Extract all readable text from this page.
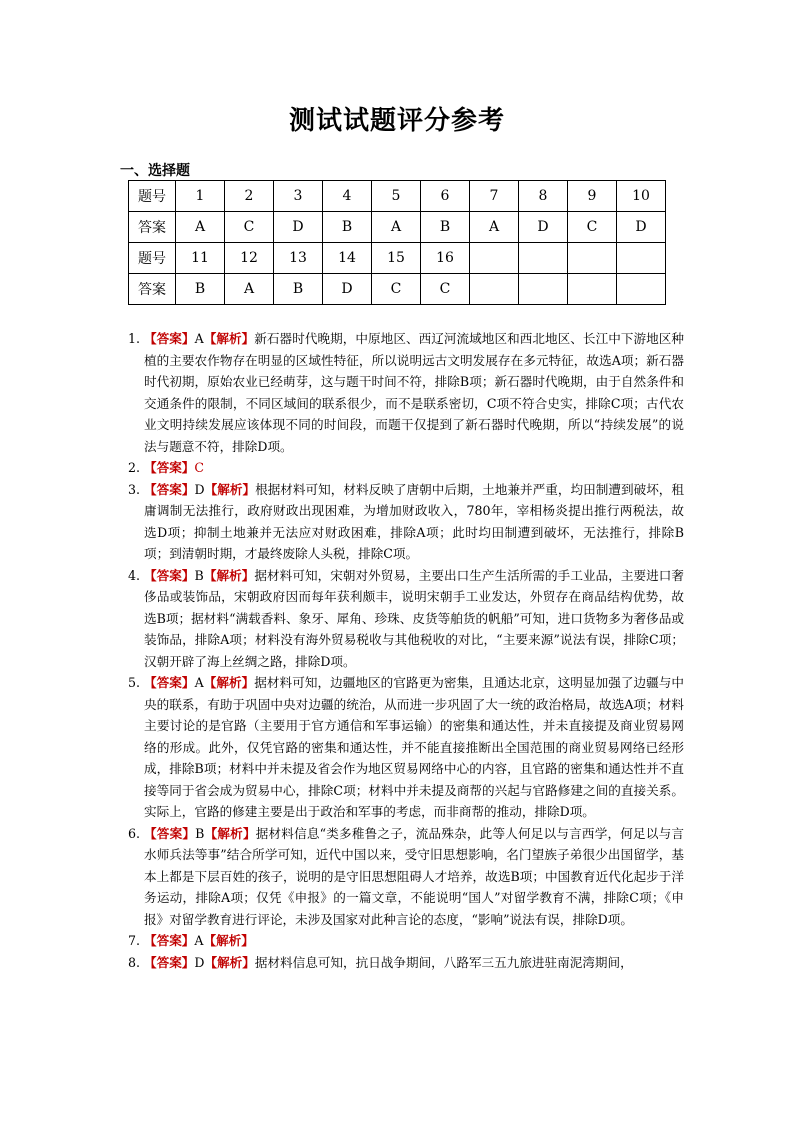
测试试题评分参考
一、选择题
题号	1	2	3	4	5	6	7	8	9	10
答案	A	C	D	B	A	B	A	D	C	D
题号	11	12	13	14	15	16				
答案	B	A	B	D	C	C				
1. 【答案】A【解析】新石器时代晚期，中原地区、西辽河流域地区和西北地区、长江中下游地区种植的主要农作物存在明显的区域性特征，所以说明远古文明发展存在多元特征，故选A项；新石器时代初期，原始农业已经萌芽，这与题干时间不符，排除B项；新石器时代晚期，由于自然条件和交通条件的限制，不同区域间的联系很少，而不是联系密切，C项不符合史实，排除C项；古代农业文明持续发展应该体现不同的时间段，而题干仅提到了新石器时代晚期，所以“持续发展”的说法与题意不符，排除D项。
2. 【答案】C
3. 【答案】D【解析】根据材料可知，材料反映了唐朝中后期，土地兼并严重，均田制遭到破坏，租庸调制无法推行，政府财政出现困难，为增加财政收入，780年，宰相杨炎提出推行两税法，故选D项；抑制土地兼并无法应对财政困难，排除A项；此时均田制遭到破坏，无法推行，排除B项；到清朝时期，才最终废除人头税，排除C项。
4. 【答案】B【解析】据材料可知，宋朝对外贸易，主要出口生产生活所需的手工业品，主要进口奢侈品或装饰品，宋朝政府因而每年获利颇丰，说明宋朝手工业发达，外贸存在商品结构优势，故选B项；据材料“满载香料、象牙、犀角、珍珠、皮货等舶货的帆船”可知，进口货物多为奢侈品或装饰品，排除A项；材料没有海外贸易税收与其他税收的对比，“主要来源”说法有误，排除C项；汉朝开辟了海上丝绸之路，排除D项。
5. 【答案】A【解析】据材料可知，边疆地区的官路更为密集，且通达北京，这明显加强了边疆与中央的联系，有助于巩固中央对边疆的统治，从而进一步巩固了大一统的政治格局，故选A项；材料主要讨论的是官路（主要用于官方通信和军事运输）的密集和通达性，并未直接提及商业贸易网络的形成。此外，仅凭官路的密集和通达性，并不能直接推断出全国范围的商业贸易网络已经形成，排除B项；材料中并未提及省会作为地区贸易网络中心的内容，且官路的密集和通达性并不直接等同于省会成为贸易中心，排除C项；材料中并未提及商帮的兴起与官路修建之间的直接关系。实际上，官路的修建主要是出于政治和军事的考虑，而非商帮的推动，排除D项。
6. 【答案】B【解析】据材料信息“类多稚鲁之子，流品殊杂，此等人何足以与言西学，何足以与言水师兵法等事”结合所学可知，近代中国以来，受守旧思想影响，名门望族子弟很少出国留学，基本上都是下层百姓的孩子，说明的是守旧思想阻碍人才培养，故选B项；中国教育近代化起步于洋务运动，排除A项；仅凭《申报》的一篇文章，不能说明“国人”对留学教育不满，排除C项；《申报》对留学教育进行评论，未涉及国家对此种言论的态度，“影响”说法有误，排除D项。
7. 【答案】A【解析】
8. 【答案】D【解析】据材料信息可知，抗日战争期间，八路军三五九旅进驻南泥湾期间，
